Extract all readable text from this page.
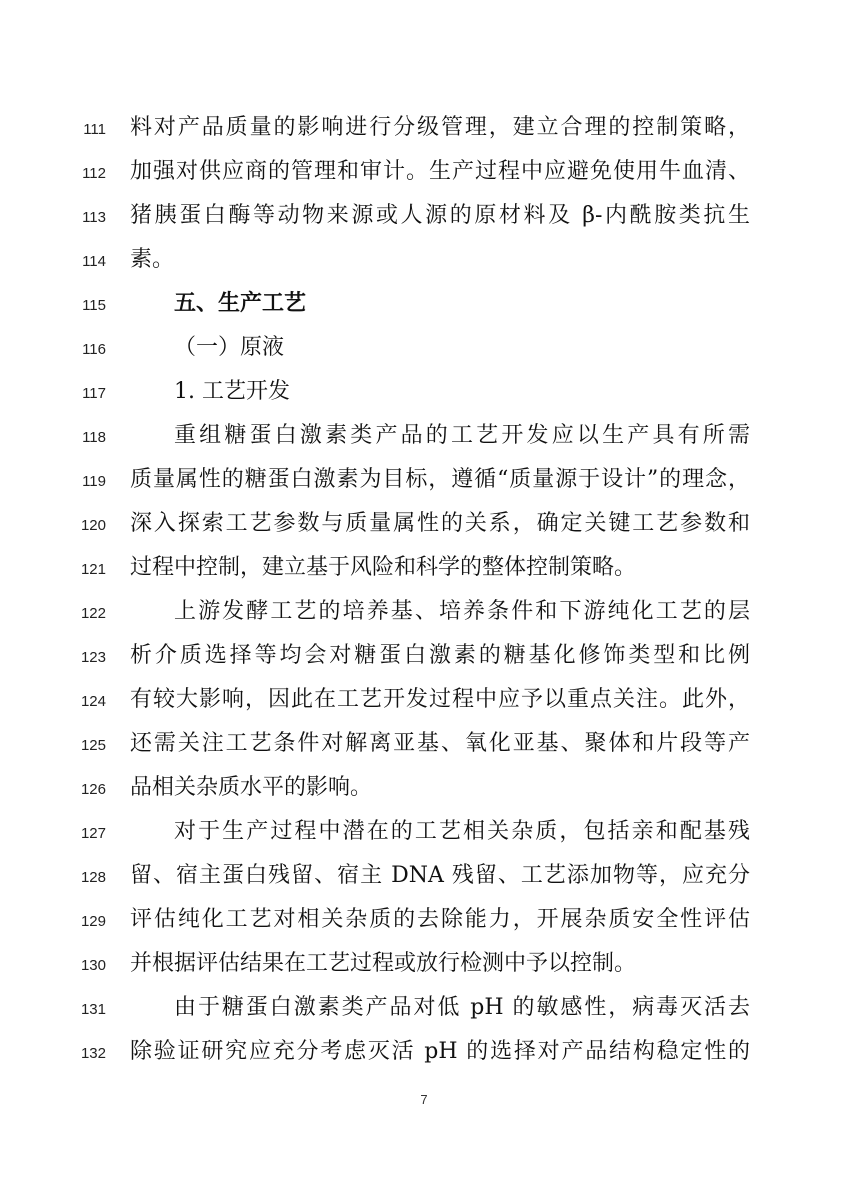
111 料对产品质量的影响进行分级管理，建立合理的控制策略，
112 加强对供应商的管理和审计。生产过程中应避免使用牛血清、
113 猪胰蛋白酶等动物来源或人源的原材料及 β-内酰胺类抗生
114 素。
115	五、生产工艺
116	（一）原液
117	1. 工艺开发
118	重组糖蛋白激素类产品的工艺开发应以生产具有所需
119 质量属性的糖蛋白激素为目标，遵循“质量源于设计”的理念，
120 深入探索工艺参数与质量属性的关系，确定关键工艺参数和
121 过程中控制，建立基于风险和科学的整体控制策略。
122	上游发酵工艺的培养基、培养条件和下游纯化工艺的层
123 析介质选择等均会对糖蛋白激素的糖基化修饰类型和比例
124 有较大影响，因此在工艺开发过程中应予以重点关注。此外，
125 还需关注工艺条件对解离亚基、氧化亚基、聚体和片段等产
126 品相关杂质水平的影响。
127	对于生产过程中潜在的工艺相关杂质，包括亲和配基残
128 留、宿主蛋白残留、宿主 DNA 残留、工艺添加物等，应充分
129 评估纯化工艺对相关杂质的去除能力，开展杂质安全性评估
130 并根据评估结果在工艺过程或放行检测中予以控制。
131	由于糖蛋白激素类产品对低 pH 的敏感性，病毒灭活去
132 除验证研究应充分考虑灭活 pH 的选择对产品结构稳定性的
7
